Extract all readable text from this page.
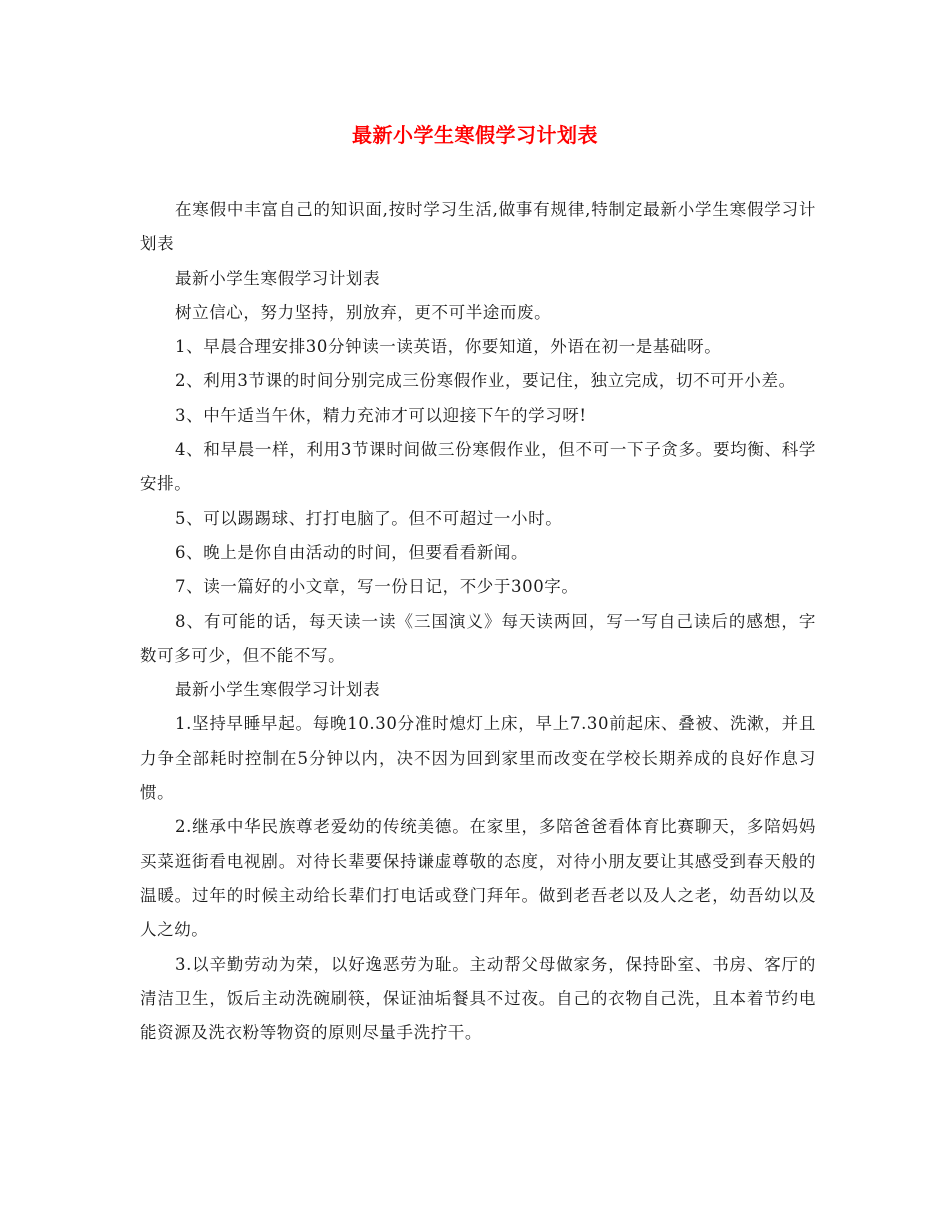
最新小学生寒假学习计划表

在寒假中丰富自己的知识面,按时学习生活,做事有规律,特制定最新小学生寒假学习计划表

最新小学生寒假学习计划表

树立信心，努力坚持，别放弃，更不可半途而废。

1、早晨合理安排30分钟读一读英语，你要知道，外语在初一是基础呀。

2、利用3节课的时间分别完成三份寒假作业，要记住，独立完成，切不可开小差。

3、中午适当午休，精力充沛才可以迎接下午的学习呀!

4、和早晨一样，利用3节课时间做三份寒假作业，但不可一下子贪多。要均衡、科学安排。

5、可以踢踢球、打打电脑了。但不可超过一小时。

6、晚上是你自由活动的时间，但要看看新闻。

7、读一篇好的小文章，写一份日记，不少于300字。

8、有可能的话，每天读一读《三国演义》每天读两回，写一写自己读后的感想，字数可多可少，但不能不写。

最新小学生寒假学习计划表

1.坚持早睡早起。每晚10.30分准时熄灯上床，早上7.30前起床、叠被、洗漱，并且力争全部耗时控制在5分钟以内，决不因为回到家里而改变在学校长期养成的良好作息习惯。

2.继承中华民族尊老爱幼的传统美德。在家里，多陪爸爸看体育比赛聊天，多陪妈妈买菜逛街看电视剧。对待长辈要保持谦虚尊敬的态度，对待小朋友要让其感受到春天般的温暖。过年的时候主动给长辈们打电话或登门拜年。做到老吾老以及人之老，幼吾幼以及人之幼。

3.以辛勤劳动为荣，以好逸恶劳为耻。主动帮父母做家务，保持卧室、书房、客厅的清洁卫生，饭后主动洗碗刷筷，保证油垢餐具不过夜。自己的衣物自己洗，且本着节约电能资源及洗衣粉等物资的原则尽量手洗拧干。
